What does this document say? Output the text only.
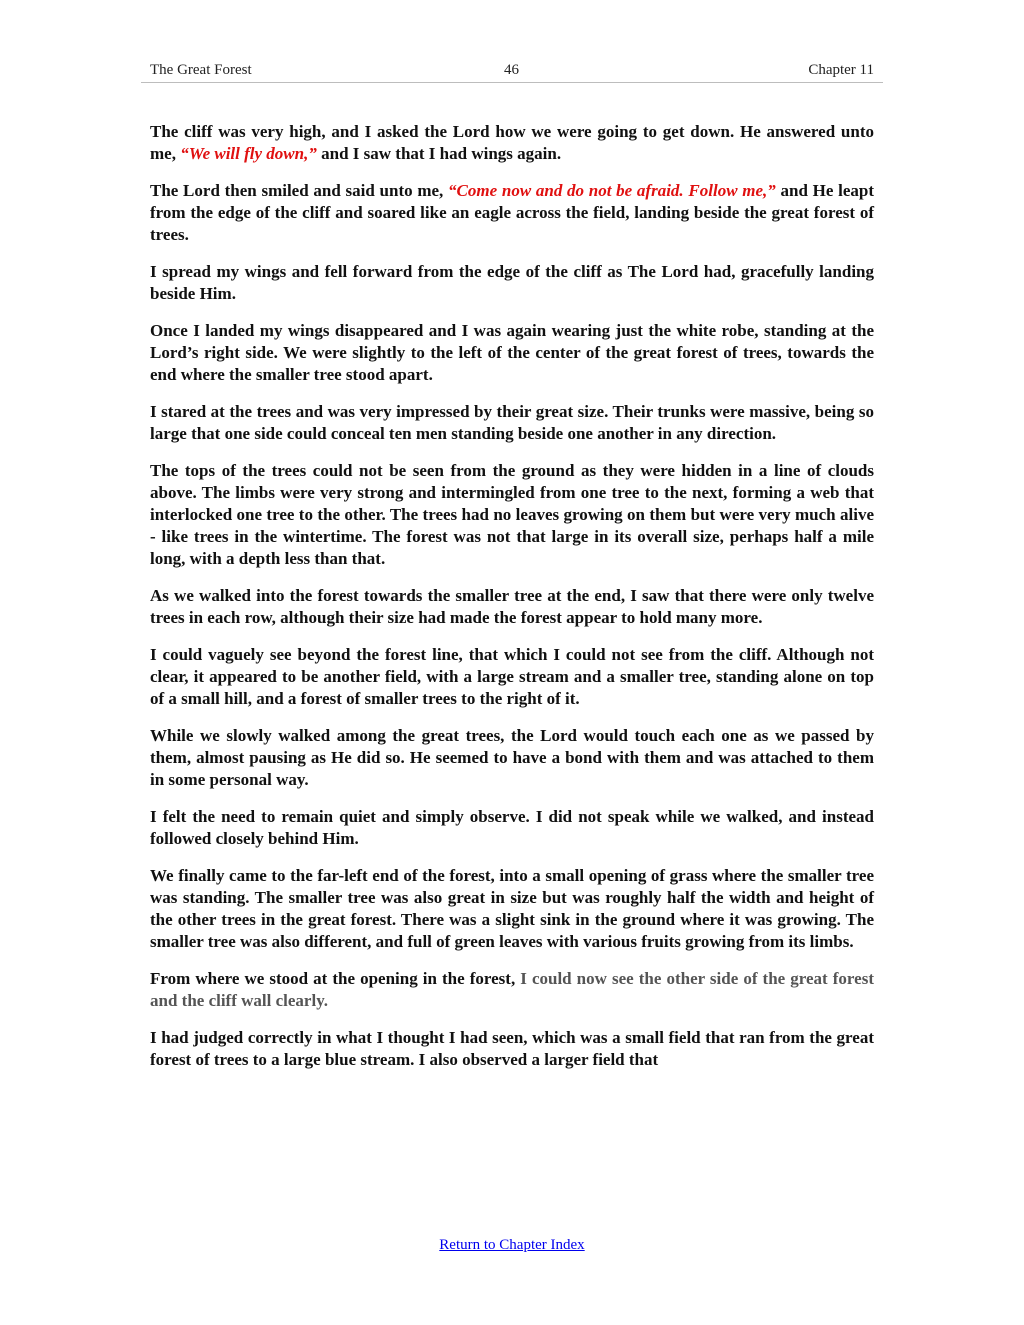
The Great Forest	46	Chapter 11

The cliff was very high, and I asked the Lord how we were going to get down. He answered unto me, “We will fly down,” and I saw that I had wings again.

The Lord then smiled and said unto me, “Come now and do not be afraid. Follow me,” and He leapt from the edge of the cliff and soared like an eagle across the field, landing beside the great forest of trees.

I spread my wings and fell forward from the edge of the cliff as The Lord had, gracefully landing beside Him.

Once I landed my wings disappeared and I was again wearing just the white robe, standing at the Lord’s right side. We were slightly to the left of the center of the great forest of trees, towards the end where the smaller tree stood apart.

I stared at the trees and was very impressed by their great size. Their trunks were massive, being so large that one side could conceal ten men standing beside one another in any direction.

The tops of the trees could not be seen from the ground as they were hidden in a line of clouds above. The limbs were very strong and intermingled from one tree to the next, forming a web that interlocked one tree to the other. The trees had no leaves growing on them but were very much alive - like trees in the wintertime. The forest was not that large in its overall size, perhaps half a mile long, with a depth less than that.

As we walked into the forest towards the smaller tree at the end, I saw that there were only twelve trees in each row, although their size had made the forest appear to hold many more.

I could vaguely see beyond the forest line, that which I could not see from the cliff. Although not clear, it appeared to be another field, with a large stream and a smaller tree, standing alone on top of a small hill, and a forest of smaller trees to the right of it.

While we slowly walked among the great trees, the Lord would touch each one as we passed by them, almost pausing as He did so. He seemed to have a bond with them and was attached to them in some personal way.

I felt the need to remain quiet and simply observe. I did not speak while we walked, and instead followed closely behind Him.

We finally came to the far-left end of the forest, into a small opening of grass where the smaller tree was standing. The smaller tree was also great in size but was roughly half the width and height of the other trees in the great forest. There was a slight sink in the ground where it was growing. The smaller tree was also different, and full of green leaves with various fruits growing from its limbs.

From where we stood at the opening in the forest, I could now see the other side of the great forest and the cliff wall clearly.

I had judged correctly in what I thought I had seen, which was a small field that ran from the great forest of trees to a large blue stream. I also observed a larger field that

Return to Chapter Index
